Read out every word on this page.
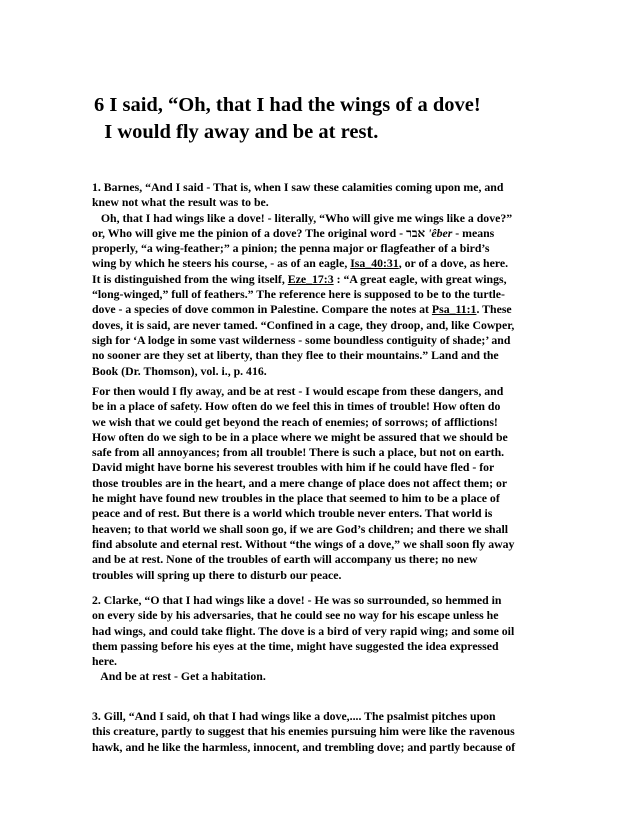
6 I said, “Oh, that I had the wings of a dove!
I would fly away and be at rest.
1. Barnes, “And I said - That is, when I saw these calamities coming upon me, and
knew not what the result was to be.
Oh, that I had wings like a dove! - literally, “Who will give me wings like a dove?”
or, Who will give me the pinion of a dove? The original word - אבר 'êber - means
properly, “a wing-feather;” a pinion; the penna major or flagfeather of a bird’s
wing by which he steers his course, - as of an eagle, Isa_40:31, or of a dove, as here.
It is distinguished from the wing itself, Eze_17:3 : “A great eagle, with great wings,
“long-winged,” full of feathers.” The reference here is supposed to be to the turtle-
dove - a species of dove common in Palestine. Compare the notes at Psa_11:1. These
doves, it is said, are never tamed. “Confined in a cage, they droop, and, like Cowper,
sigh for ‘A lodge in some vast wilderness - some boundless contiguity of shade;’ and
no sooner are they set at liberty, than they flee to their mountains.” Land and the
Book (Dr. Thomson), vol. i., p. 416.
For then would I fly away, and be at rest - I would escape from these dangers, and
be in a place of safety. How often do we feel this in times of trouble! How often do
we wish that we could get beyond the reach of enemies; of sorrows; of afflictions!
How often do we sigh to be in a place where we might be assured that we should be
safe from all annoyances; from all trouble! There is such a place, but not on earth.
David might have borne his severest troubles with him if he could have fled - for
those troubles are in the heart, and a mere change of place does not affect them; or
he might have found new troubles in the place that seemed to him to be a place of
peace and of rest. But there is a world which trouble never enters. That world is
heaven; to that world we shall soon go, if we are God’s children; and there we shall
find absolute and eternal rest. Without “the wings of a dove,” we shall soon fly away
and be at rest. None of the troubles of earth will accompany us there; no new
troubles will spring up there to disturb our peace.
2. Clarke, “O that I had wings like a dove! - He was so surrounded, so hemmed in
on every side by his adversaries, that he could see no way for his escape unless he
had wings, and could take flight. The dove is a bird of very rapid wing; and some oil
them passing before his eyes at the time, might have suggested the idea expressed
here.
And be at rest - Get a habitation.
3. Gill, “And I said, oh that I had wings like a dove,.... The psalmist pitches upon
this creature, partly to suggest that his enemies pursuing him were like the ravenous
hawk, and he like the harmless, innocent, and trembling dove; and partly because of
